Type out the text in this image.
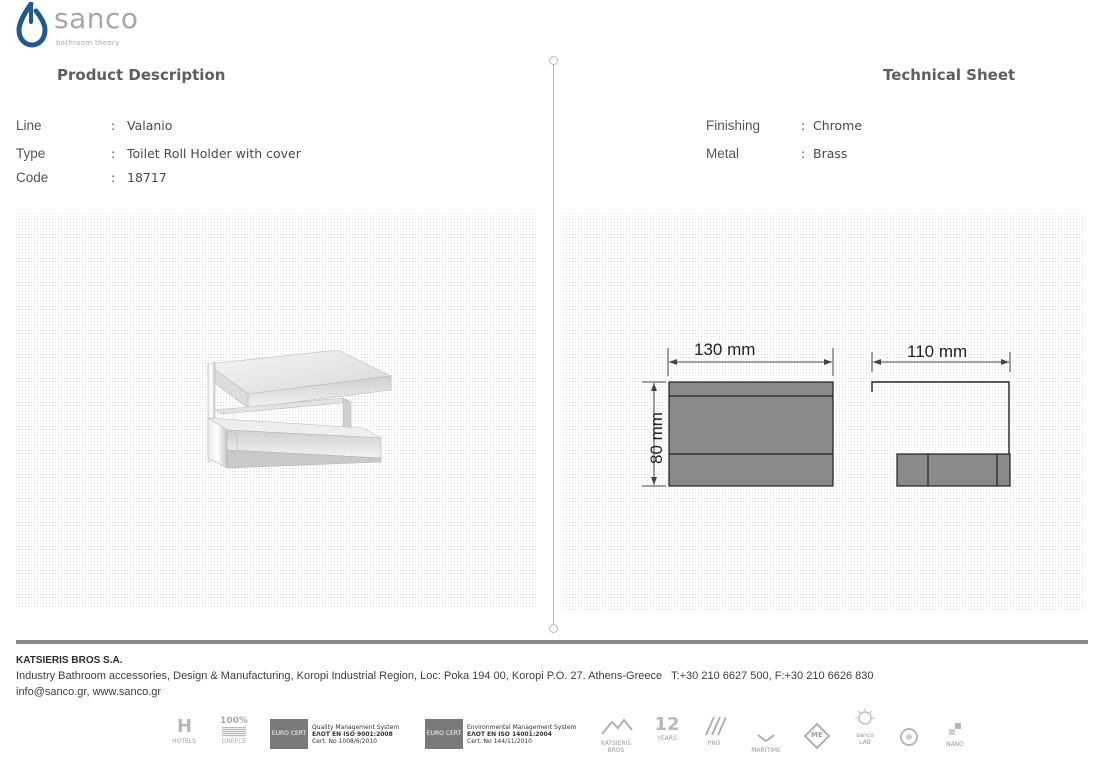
sanco
bathroom theory
Product Description	Technical Sheet
Line	: Valanio
Type	: Toilet Roll Holder with cover
Code	: 18717
Finishing	: Chrome
Metal	: Brass
130 mm
80 mm
110 mm
KATSIERIS BROS S.A.
Industry Bathroom accessories, Design & Manufacturing, Koropi Industrial Region, Loc: Poka 194 00, Koropi P.O. 27. Athens-Greece   T:+30 210 6627 500, F:+30 210 6626 830
info@sanco.gr, www.sanco.gr
H
HOTELS
100%
GREECE
EURO CERT
Quality Management System
ΕΛΟΤ EN ISO 9001:2008
Cert. No 1008/6/2010
EURO CERT
Environmental Management System
ΕΛΟΤ EN ISO 14001:2004
Cert. No 144/11/2010	KATSIERIS BROS
12
YEARS
PRO
MARITIME
ME	sanco LAB	NANO
